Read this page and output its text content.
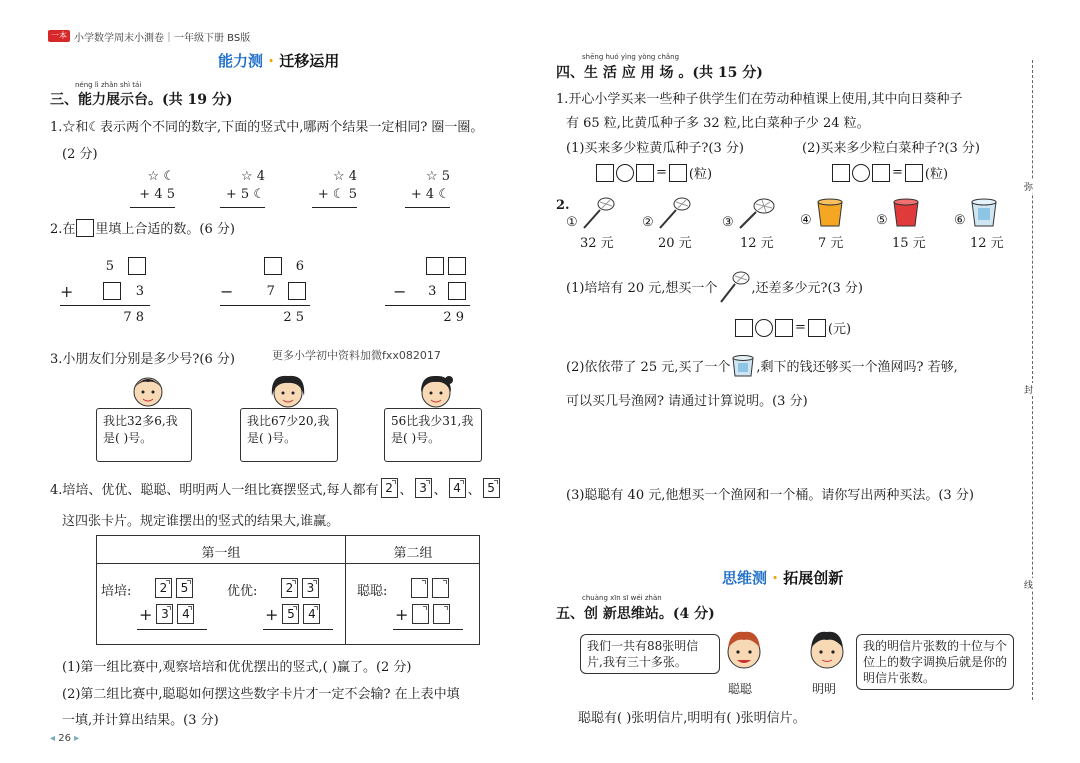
一本 小学数学周末小測卷｜一年级下册 BS版
能力测 · 迁移运用
néng lì zhǎn shì tái
三、能力展示台。(共 19 分)
1.☆和☾表示两个不同的数字,下面的竖式中,哪两个结果一定相同? 圈一圈。
(2 分)
☆ ☾
+ 4 5
☆ 4
+ 5 ☾
☆ 4
+ ☾ 5
☆ 5
+ 4 ☾
2.在 里填上合适的数。(6 分)
5
+	3
7 8
6
−	7
2 5
− 3
2 9
3.小朋友们分别是多少号?(6 分)	更多小学初中资料加微fxx082017
我比32多6,我是( )号。
我比67少20,我是( )号。
56比我少31,我是( )号。
4.培培、优优、聪聪、明明两人一组比赛摆竖式,每人都有 2 、 3 、 4 、 5
这四张卡片。规定谁摆出的竖式的结果大,谁赢。
第一组	第二组
培培:	2	5
+ 3	4
优优:	2	3
+ 5	4
聪聪:
+
(1)第一组比赛中,观察培培和优优摆出的竖式,( )赢了。(2 分)
(2)第二组比赛中,聪聪如何摆这些数字卡片才一定不会输? 在上表中填
一填,并计算出结果。(3 分)
◂ 26 ▸
shēng huó yìng yòng chǎng
四、生 活 应 用 场 。(共 15 分)
1.开心小学买来一些种子供学生们在劳动种植课上使用,其中向日葵种子
有 65 粒,比黄瓜种子多 32 粒,比白菜种子少 24 粒。
(1)买来多少粒黄瓜种子?(3 分)	(2)买来多少粒白菜种子?(3 分)
= (粒)	= (粒)
2.
①
32 元
②
20 元
③
12 元
④
7 元
⑤
15 元
⑥
12 元
(1)培培有 20 元,想买一个	,还差多少元?(3 分)
= (元)
(2)依依带了 25 元,买了一个 ,剩下的钱还够买一个渔网吗? 若够,
可以买几号渔网? 请通过计算说明。(3 分)
(3)聪聪有 40 元,他想买一个渔网和一个桶。请你写出两种买法。(3 分)
思维测 · 拓展创新
chuàng xīn sī wéi zhàn
五、创 新思维站。(4 分)
我们一共有88张明信片,我有三十多张。
我的明信片张数的十位与个位上的数字调换后就是你的明信片张数。
聪聪	明明
聪聪有( )张明信片,明明有( )张明信片。
弥
封
线
